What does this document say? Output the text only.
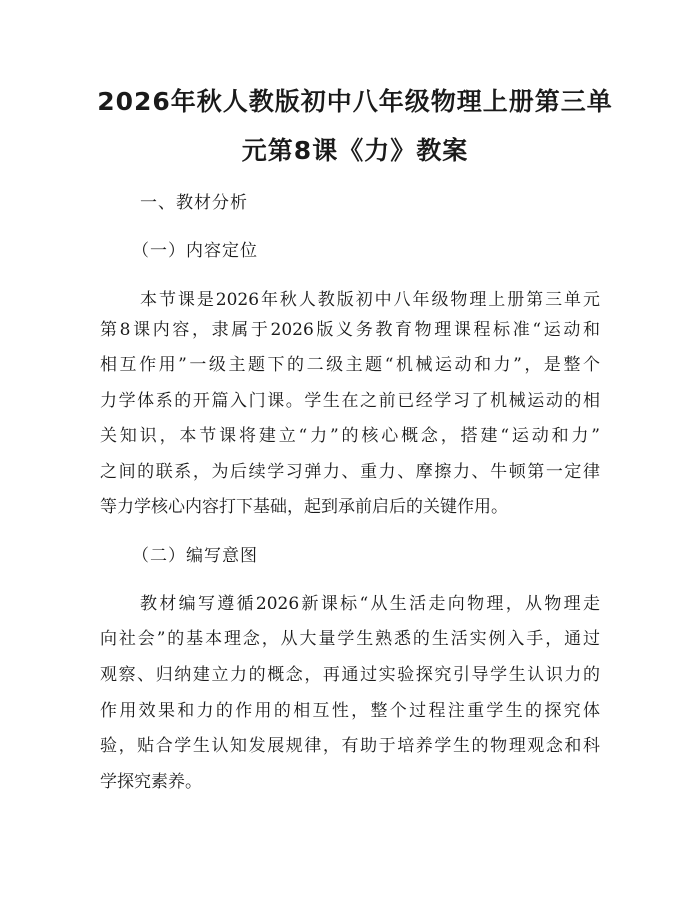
2026年秋人教版初中八年级物理上册第三单
元第8课《力》教案
一、教材分析
（一）内容定位
本节课是2026年秋人教版初中八年级物理上册第三单元
第8课内容，隶属于2026版义务教育物理课程标准“运动和
相互作用”一级主题下的二级主题“机械运动和力”，是整个
力学体系的开篇入门课。学生在之前已经学习了机械运动的相
关知识，本节课将建立“力”的核心概念，搭建“运动和力”
之间的联系，为后续学习弹力、重力、摩擦力、牛顿第一定律
等力学核心内容打下基础，起到承前启后的关键作用。
（二）编写意图
教材编写遵循2026新课标“从生活走向物理，从物理走
向社会”的基本理念，从大量学生熟悉的生活实例入手，通过
观察、归纳建立力的概念，再通过实验探究引导学生认识力的
作用效果和力的作用的相互性，整个过程注重学生的探究体
验，贴合学生认知发展规律，有助于培养学生的物理观念和科
学探究素养。
